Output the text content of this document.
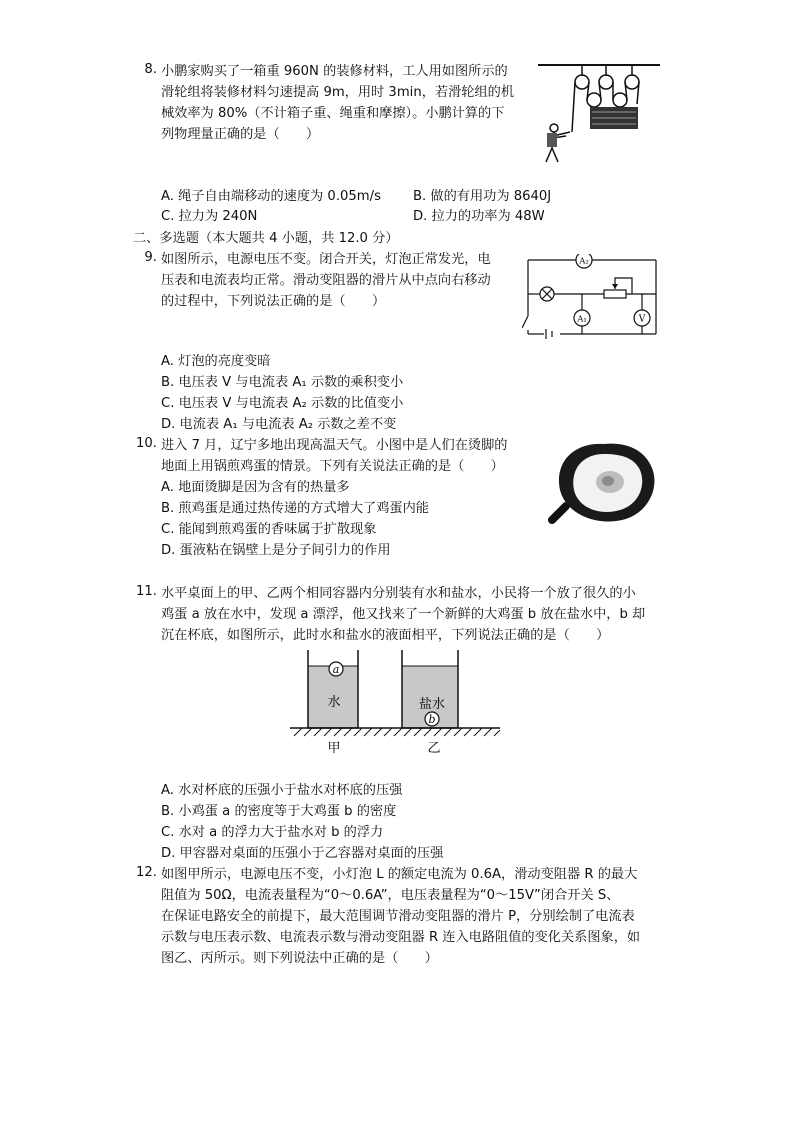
8. 小鹏家购买了一箱重 960N 的装修材料，工人用如图所示的
滑轮组将装修材料匀速提高 9m，用时 3min，若滑轮组的机
械效率为 80%（不计箱子重、绳重和摩擦）。小鹏计算的下
列物理量正确的是（　　）
A. 绳子自由端移动的速度为 0.05m/s B. 做的有用功为 8640J
C. 拉力为 240N	D. 拉力的功率为 48W
二、多选题（本大题共 4 小题，共 12.0 分）
9. 如图所示，电源电压不变。闭合开关，灯泡正常发光，电
压表和电流表均正常。滑动变阻器的滑片从中点向右移动
的过程中，下列说法正确的是（　　）
A. 灯泡的亮度变暗
B. 电压表 V 与电流表 A₁ 示数的乘积变小
C. 电压表 V 与电流表 A₂ 示数的比值变小
D. 电流表 A₁ 与电流表 A₂ 示数之差不变
A₂
A₁	V
10. 进入 7 月，辽宁多地出现高温天气。小图中是人们在烫脚的
地面上用锅煎鸡蛋的情景。下列有关说法正确的是（　　）
A. 地面烫脚是因为含有的热量多
B. 煎鸡蛋是通过热传递的方式增大了鸡蛋内能
C. 能闻到煎鸡蛋的香味属于扩散现象
D. 蛋液粘在锅壁上是分子间引力的作用
11. 水平桌面上的甲、乙两个相同容器内分别装有水和盐水，小民将一个放了很久的小
鸡蛋 a 放在水中，发现 a 漂浮，他又找来了一个新鲜的大鸡蛋 b 放在盐水中，b 却
沉在杯底，如图所示，此时水和盐水的液面相平，下列说法正确的是（　　）
a
b
水	盐水
甲	乙
A. 水对杯底的压强小于盐水对杯底的压强
B. 小鸡蛋 a 的密度等于大鸡蛋 b 的密度
C. 水对 a 的浮力大于盐水对 b 的浮力
D. 甲容器对桌面的压强小于乙容器对桌面的压强
12. 如图甲所示，电源电压不变，小灯泡 L 的额定电流为 0.6A，滑动变阻器 R 的最大
阻值为 50Ω，电流表量程为“0～0.6A”，电压表量程为“0～15V”闭合开关 S、
在保证电路安全的前提下，最大范围调节滑动变阻器的滑片 P，分别绘制了电流表
示数与电压表示数、电流表示数与滑动变阻器 R 连入电路阻值的变化关系图象，如
图乙、丙所示。则下列说法中正确的是（　　）
